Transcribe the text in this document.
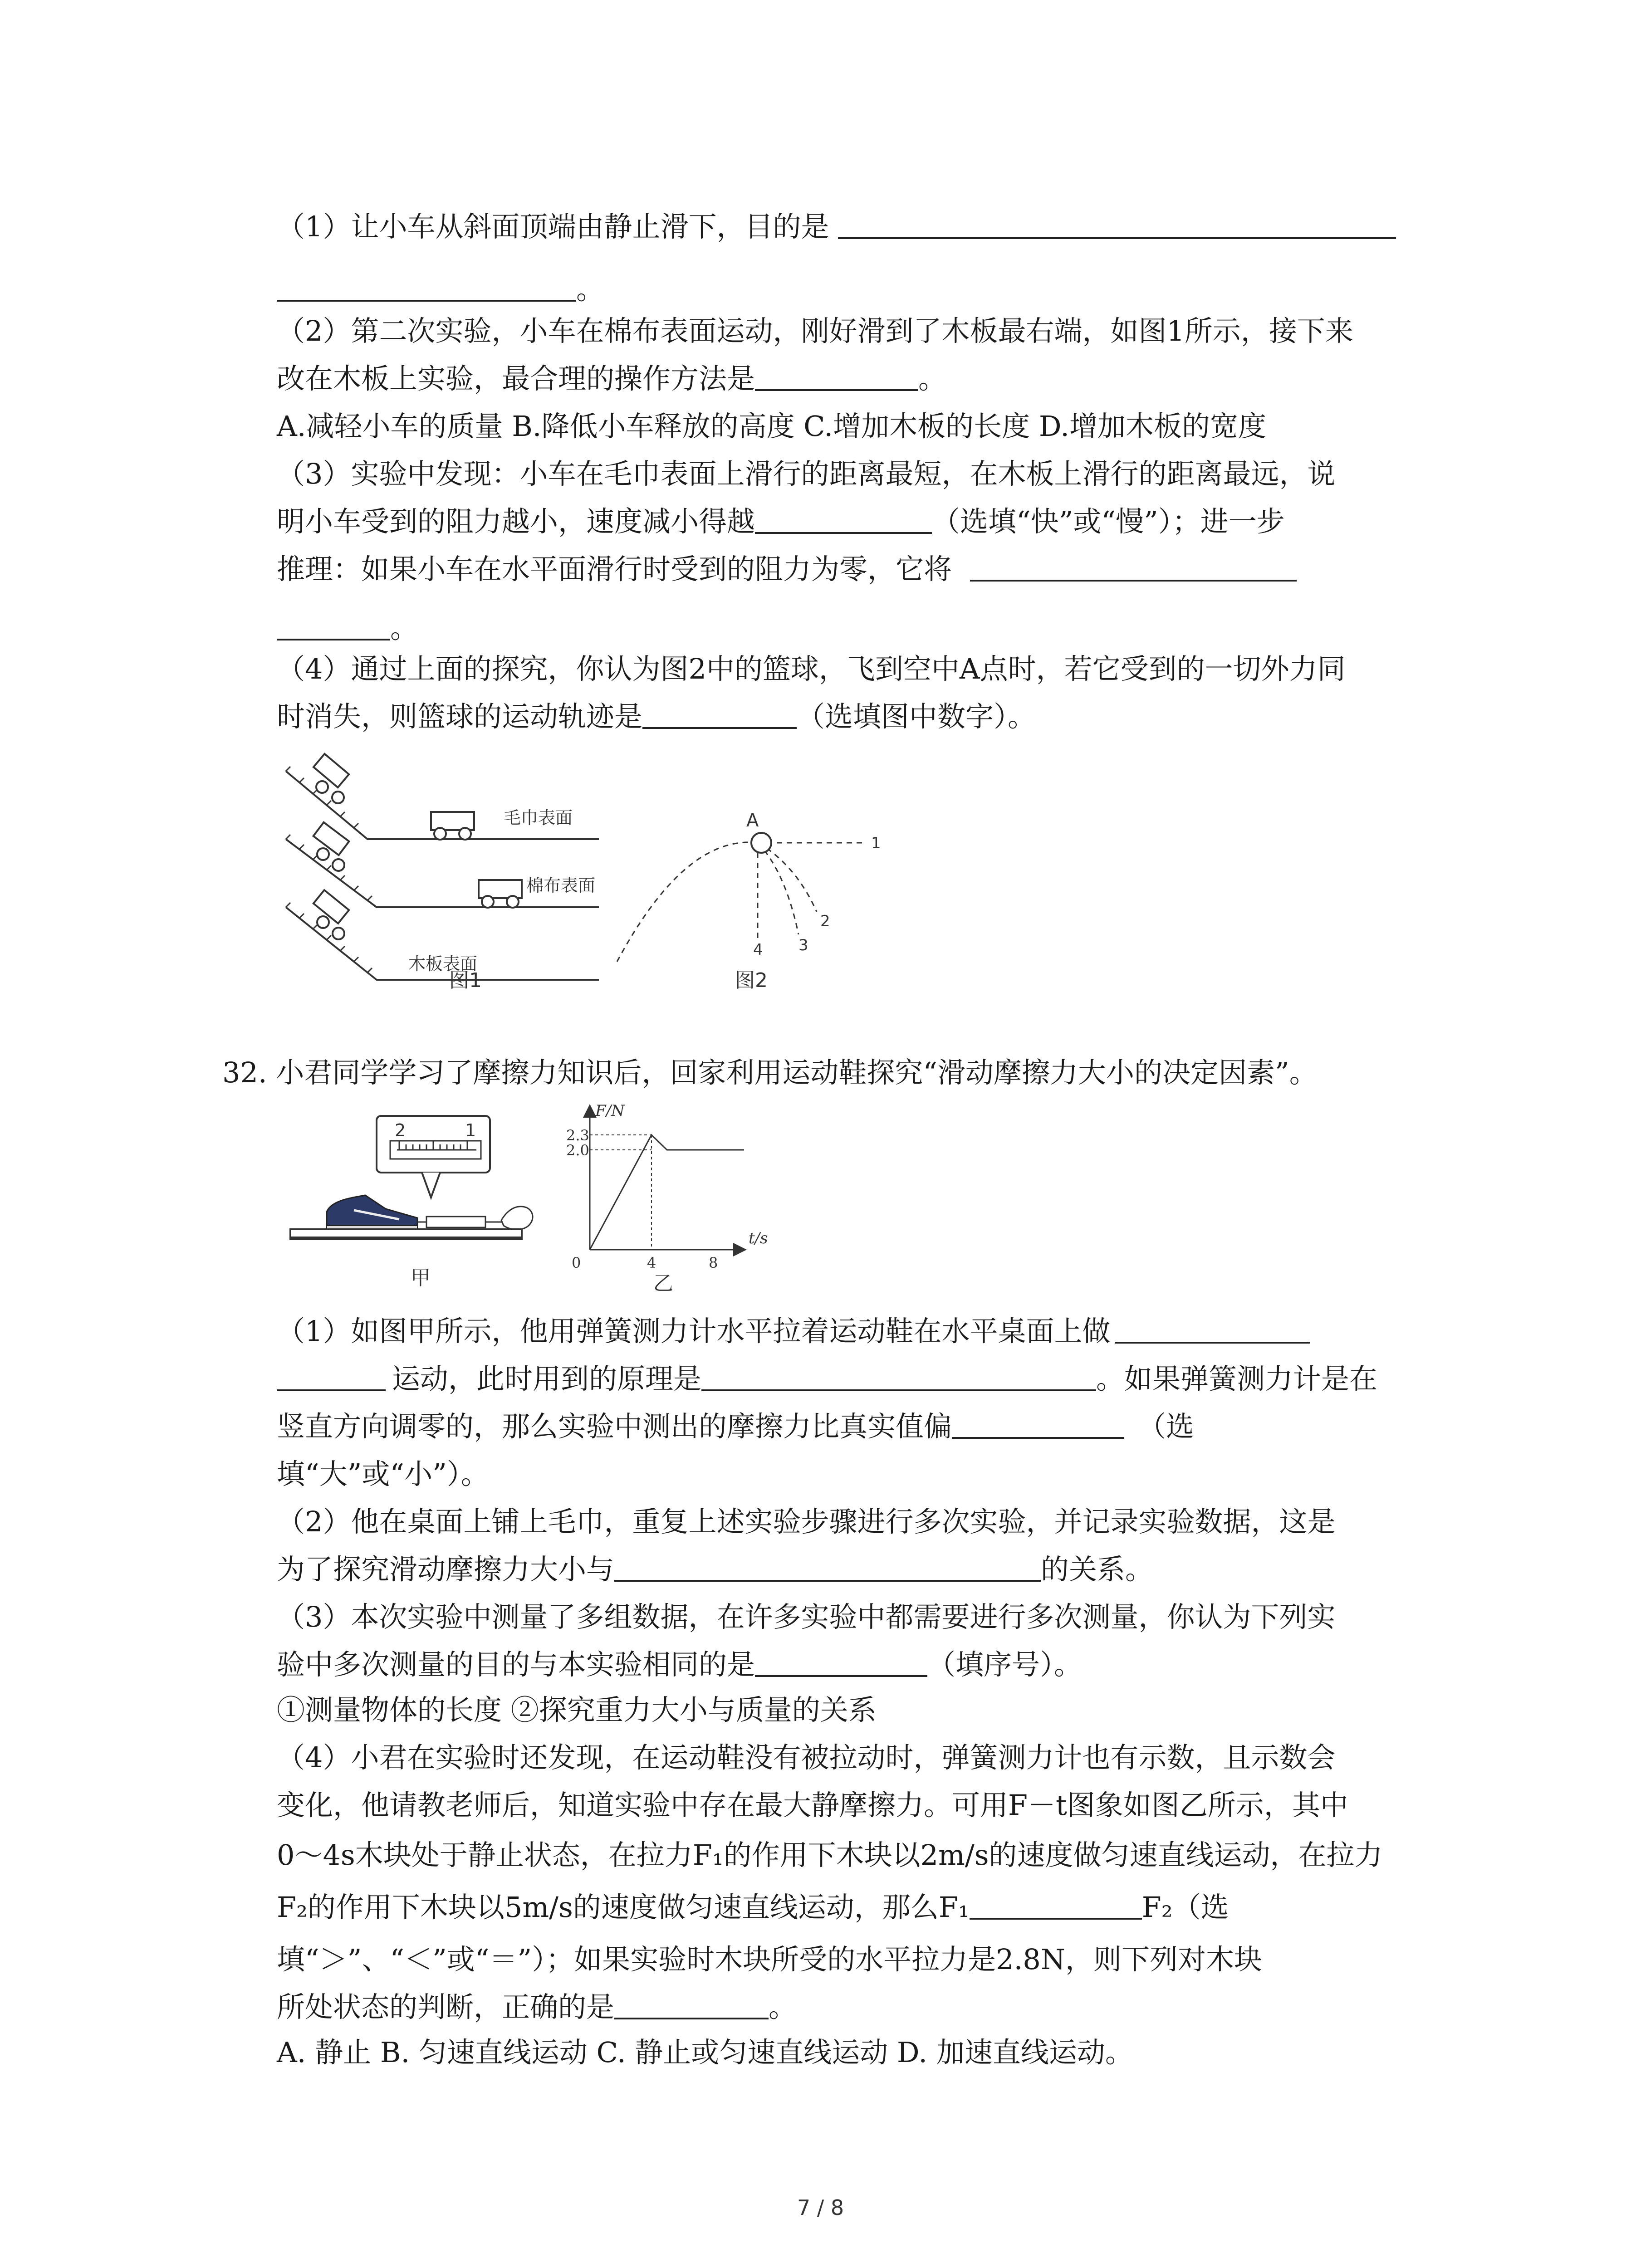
（1）让小车从斜面顶端由静止滑下，目的是
。
（2）第二次实验，小车在棉布表面运动，刚好滑到了木板最右端，如图1所示，接下来
改在木板上实验，最合理的操作方法是	。
A.减轻小车的质量 B.降低小车释放的高度 C.增加木板的长度 D.增加木板的宽度
（3）实验中发现：小车在毛巾表面上滑行的距离最短，在木板上滑行的距离最远，说
明小车受到的阻力越小，速度减小得越	（选填“快”或“慢”）；进一步
推理：如果小车在水平面滑行时受到的阻力为零，它将
。
（4）通过上面的探究，你认为图2中的篮球，飞到空中A点时，若它受到的一切外力同
时消失，则篮球的运动轨迹是	（选填图中数字）。
毛巾表面
棉布表面
木板表面
图1
A
1
2
3
4
图2
32. 小君同学学习了摩擦力知识后，回家利用运动鞋探究“滑动摩擦力大小的决定因素”。
2	1
甲
2.0
2.3
0	4	8
t/s
F/N
乙
（1）如图甲所示，他用弹簧测力计水平拉着运动鞋在水平桌面上做
运动，此时用到的原理是	。如果弹簧测力计是在
竖直方向调零的，那么实验中测出的摩擦力比真实值偏	（选
填“大”或“小”）。
（2）他在桌面上铺上毛巾，重复上述实验步骤进行多次实验，并记录实验数据，这是
为了探究滑动摩擦力大小与	的关系。
（3）本次实验中测量了多组数据，在许多实验中都需要进行多次测量，你认为下列实
验中多次测量的目的与本实验相同的是	（填序号）。
①测量物体的长度 ②探究重力大小与质量的关系
（4）小君在实验时还发现，在运动鞋没有被拉动时，弹簧测力计也有示数，且示数会
变化，他请教老师后，知道实验中存在最大静摩擦力。可用F－t图象如图乙所示，其中
0～4s木块处于静止状态，在拉力F₁的作用下木块以2m/s的速度做匀速直线运动，在拉力
F₂的作用下木块以5m/s的速度做匀速直线运动，那么F₁	F₂（选
填“＞”、“＜”或“＝”）；如果实验时木块所受的水平拉力是2.8N，则下列对木块
所处状态的判断，正确的是	。
A. 静止 B. 匀速直线运动 C. 静止或匀速直线运动 D. 加速直线运动。
7 / 8
